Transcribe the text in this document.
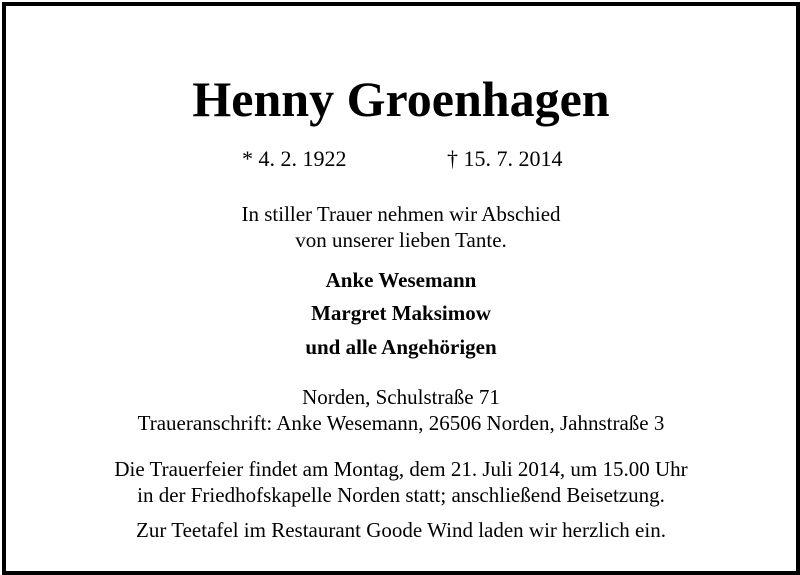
Henny Groenhagen
* 4. 2. 1922	† 15. 7. 2014
In stiller Trauer nehmen wir Abschied
von unserer lieben Tante.
Anke Wesemann
Margret Maksimow
und alle Angehörigen
Norden, Schulstraße 71
Traueranschrift: Anke Wesemann, 26506 Norden, Jahnstraße 3
Die Trauerfeier findet am Montag, dem 21. Juli 2014, um 15.00 Uhr
in der Friedhofskapelle Norden statt; anschließend Beisetzung.
Zur Teetafel im Restaurant Goode Wind laden wir herzlich ein.
